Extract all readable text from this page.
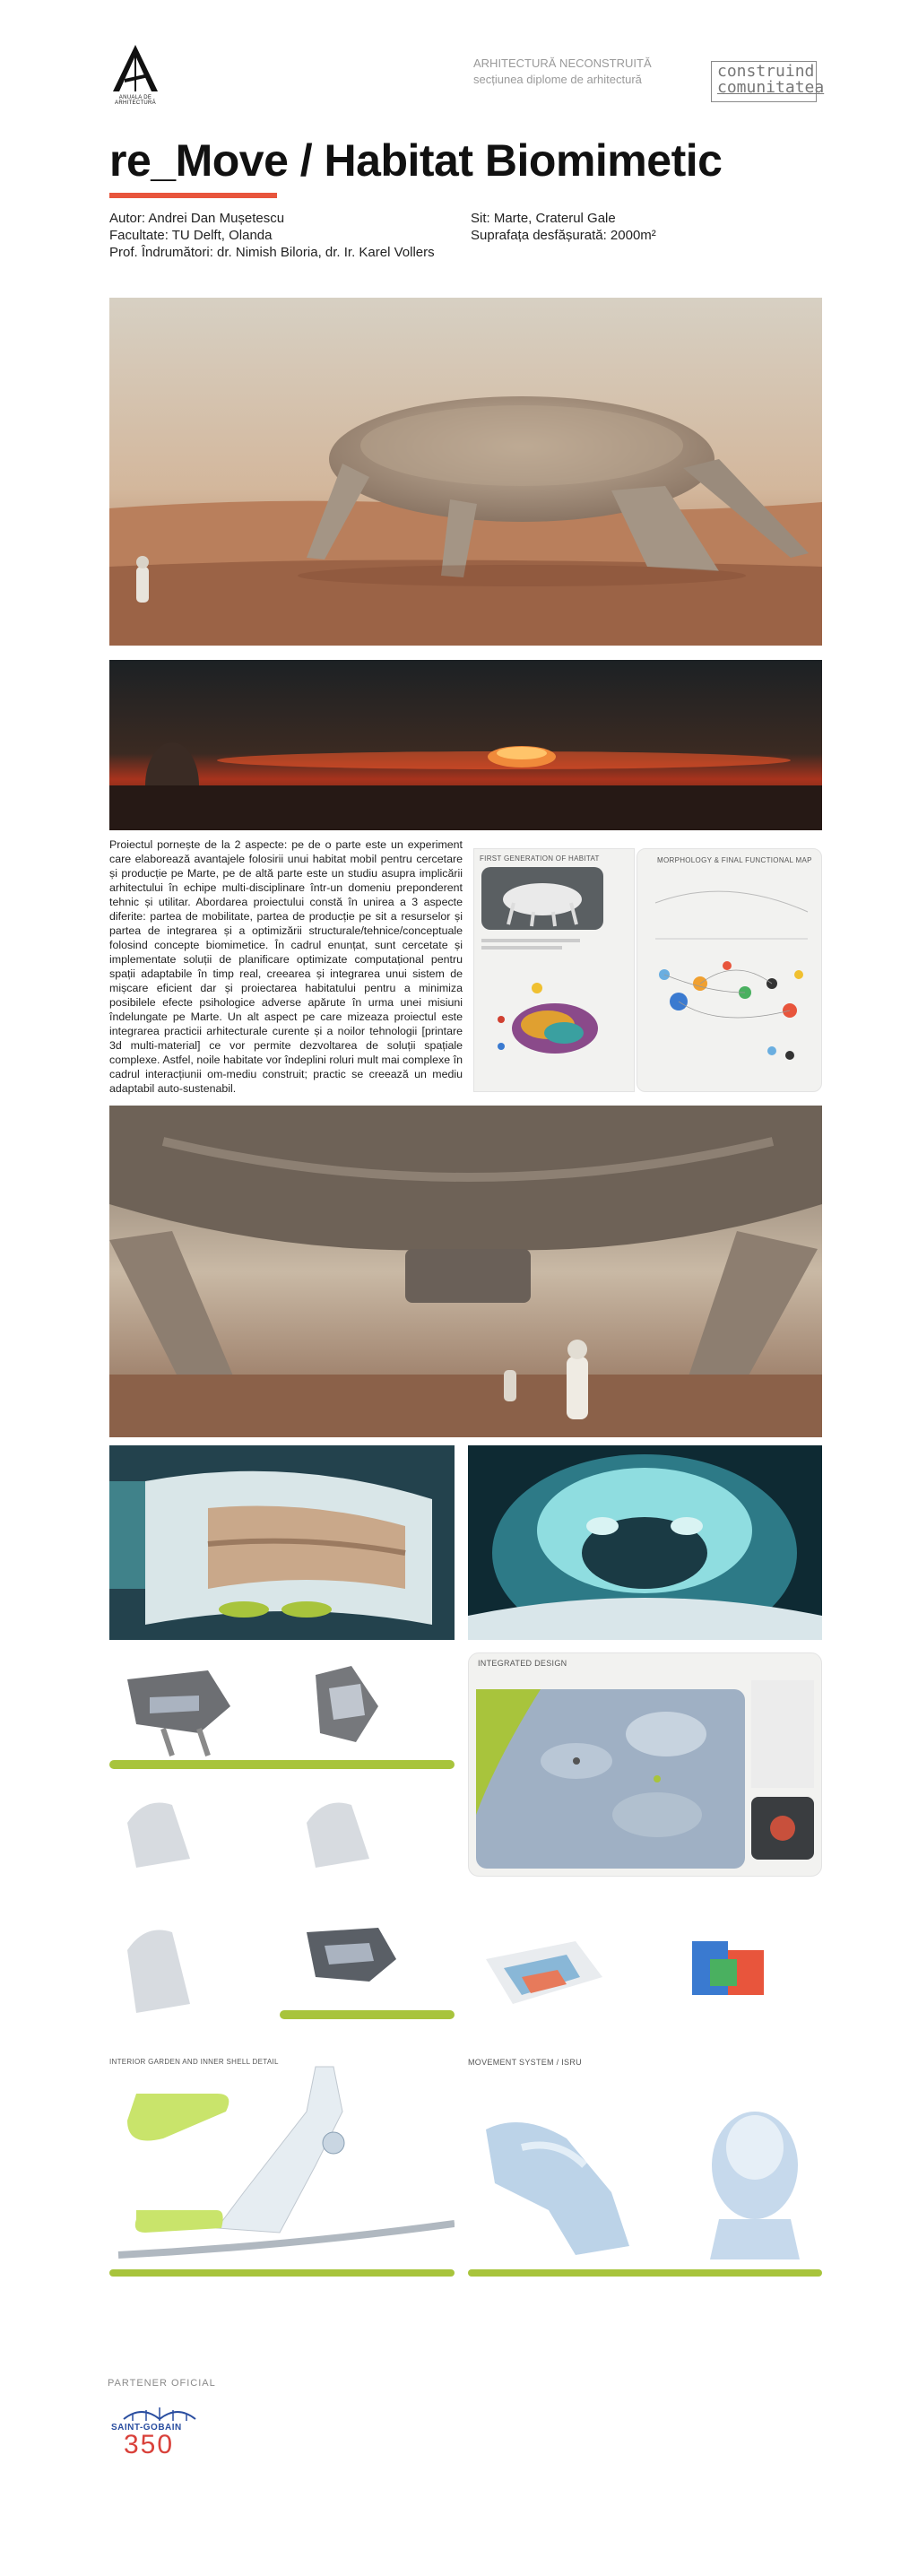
ANUALA DE ARHITECTURĂ
ARHITECTURĂ NECONSTRUITĂ
secțiunea diplome de arhitectură	construind
comunitatea
re_Move / Habitat Biomimetic
Autor: Andrei Dan Mușetescu
Facultate: TU Delft, Olanda
Prof. Îndrumători: dr. Nimish Biloria, dr. Ir. Karel Vollers
Sit: Marte, Craterul Gale
Suprafața desfășurată: 2000m²
Proiectul pornește de la 2 aspecte: pe de o parte este un experiment care elaborează avantajele folosirii unui habitat mobil pentru cercetare și producție pe Marte, pe de altă parte este un studiu asupra implicării arhitectului în echipe multi-disciplinare într-un domeniu preponderent tehnic și utilitar. Abordarea proiectului constă în unirea a 3 aspecte diferite: partea de mobilitate, partea de producție pe sit a resurselor și partea de integrarea și a optimizării structurale/tehnice/conceptuale folosind concepte biomimetice. În cadrul enunțat, sunt cercetate și implementate soluții de planificare optimizate computațional pentru spații adaptabile în timp real, creearea și integrarea unui sistem de mișcare eficient dar și proiectarea habitatului pentru a minimiza posibilele efecte psihologice adverse apărute în urma unei misiuni îndelungate pe Marte. Un alt aspect pe care mizeaza proiectul este integrarea practicii arhitecturale curente și a noilor tehnologii [printare 3d multi-material] ce vor permite dezvoltarea de soluții spațiale complexe. Astfel, noile habitate vor îndeplini roluri mult mai complexe în cadrul interacțiunii om-mediu construit; practic se creează un mediu adaptabil auto-sustenabil.
FIRST GENERATION OF HABITAT	MORPHOLOGY & FINAL FUNCTIONAL MAP
INTEGRATED DESIGN
INTERIOR GARDEN AND INNER SHELL DETAIL	MOVEMENT SYSTEM / ISRU
PARTENER OFICIAL
SAINT-GOBAIN
350
